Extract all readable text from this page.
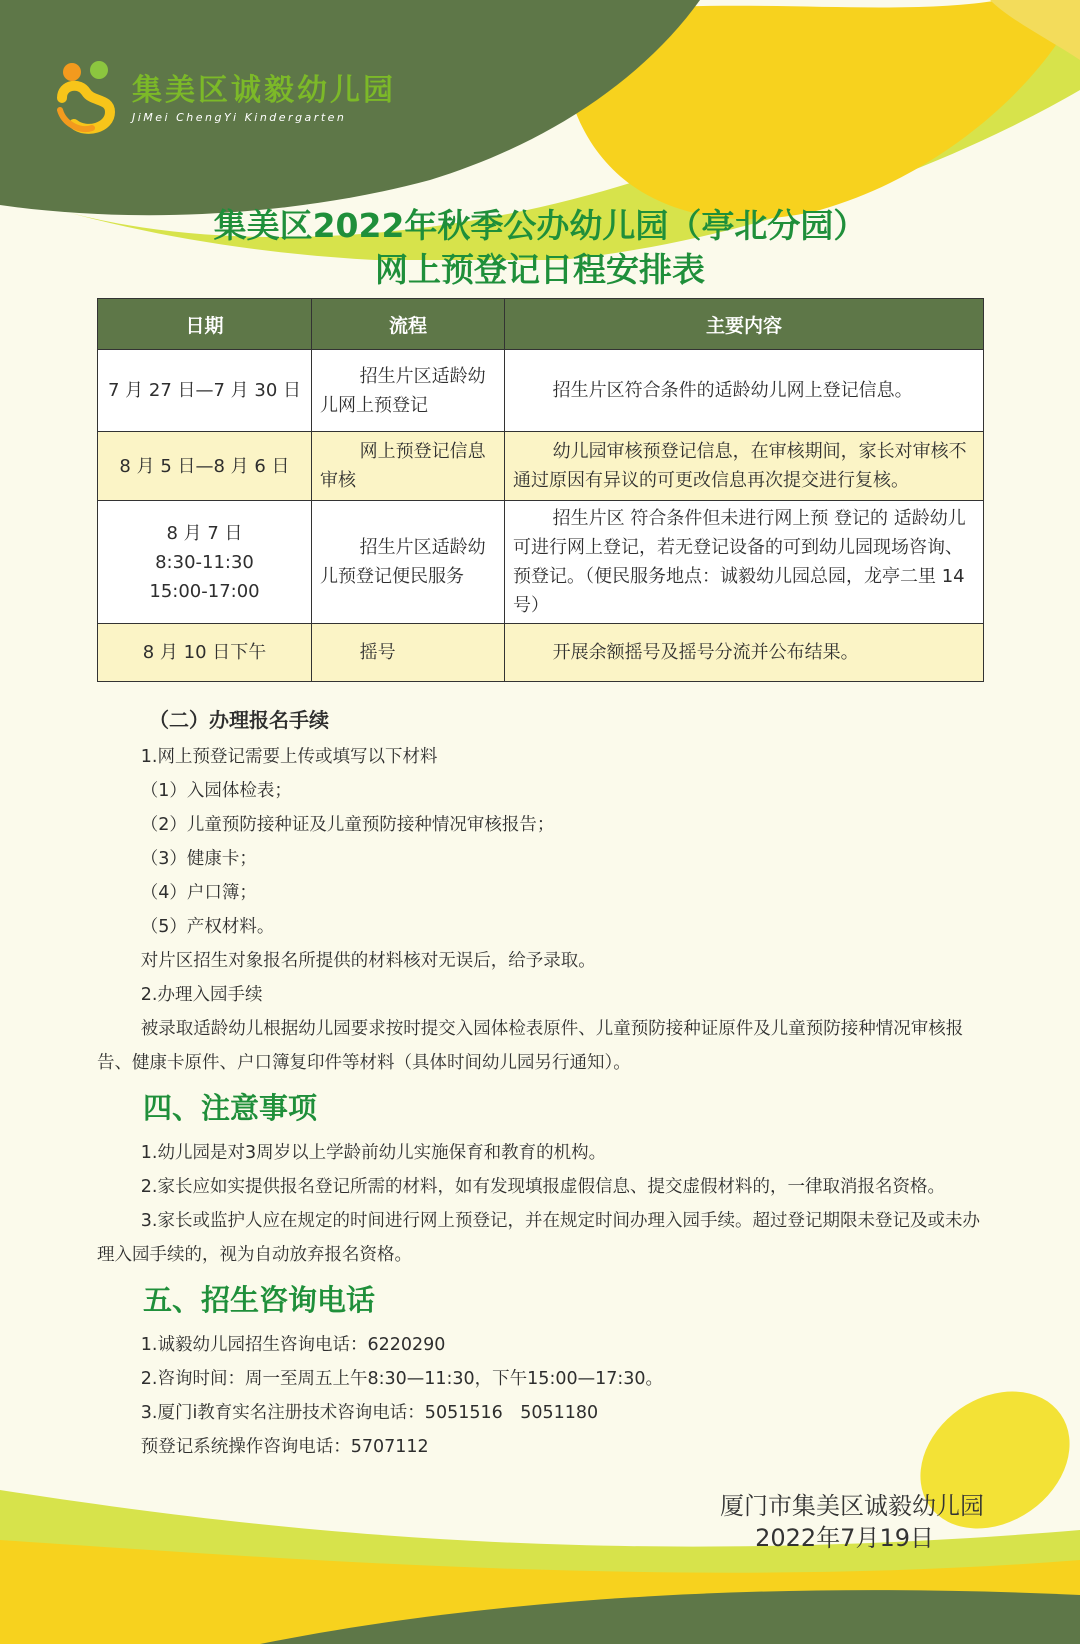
集美区诚毅幼儿园
JiMei ChengYi Kindergarten
集美区2022年秋季公办幼儿园（亭北分园）
网上预登记日程安排表
日期	流程	主要内容
7 月 27 日—7 月 30 日	招生片区适龄幼儿网上预登记	招生片区符合条件的适龄幼儿网上登记信息。
8 月 5 日—8 月 6 日	网上预登记信息审核	幼儿园审核预登记信息，在审核期间，家长对审核不通过原因有异议的可更改信息再次提交进行复核。

8 月 7 日
8:30-11:30
15:00-17:00	招生片区适龄幼儿预登记便民服务	招生片区 符合条件但未进行网上预 登记的 适龄幼儿可进行网上登记，若无登记设备的可到幼儿园现场咨询、预登记。（便民服务地点：诚毅幼儿园总园，龙亭二里 14 号）
8 月 10 日下午	摇号	开展余额摇号及摇号分流并公布结果。

（二）办理报名手续

1.网上预登记需要上传或填写以下材料

（1）入园体检表；

（2）儿童预防接种证及儿童预防接种情况审核报告；

（3）健康卡；

（4）户口簿；

（5）产权材料。

对片区招生对象报名所提供的材料核对无误后，给予录取。

2.办理入园手续

被录取适龄幼儿根据幼儿园要求按时提交入园体检表原件、儿童预防接种证原件及儿童预防接种情况审核报告、健康卡原件、户口簿复印件等材料（具体时间幼儿园另行通知）。

四、注意事项

1.幼儿园是对3周岁以上学龄前幼儿实施保育和教育的机构。

2.家长应如实提供报名登记所需的材料，如有发现填报虚假信息、提交虚假材料的，一律取消报名资格。

3.家长或监护人应在规定的时间进行网上预登记，并在规定时间办理入园手续。超过登记期限未登记及或未办理入园手续的，视为自动放弃报名资格。

五、招生咨询电话

1.诚毅幼儿园招生咨询电话：6220290

2.咨询时间：周一至周五上午8:30—11:30，下午15:00—17:30。

3.厦门i教育实名注册技术咨询电话：5051516　5051180

预登记系统操作咨询电话：5707112

厦门市集美区诚毅幼儿园
2022年7月19日
